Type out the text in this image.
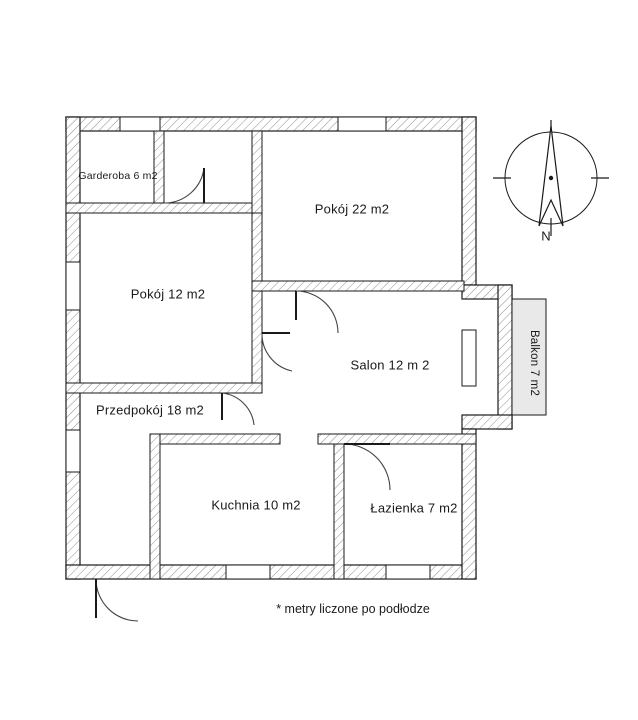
Garderoba 6 m2
Pokój 22 m2
Pokój 12 m2
Salon 12 m 2
Przedpokój 18 m2
Kuchnia 10 m2	Łazienka 7 m2
Balkon 7 m2
N
* metry liczone po podłodze
